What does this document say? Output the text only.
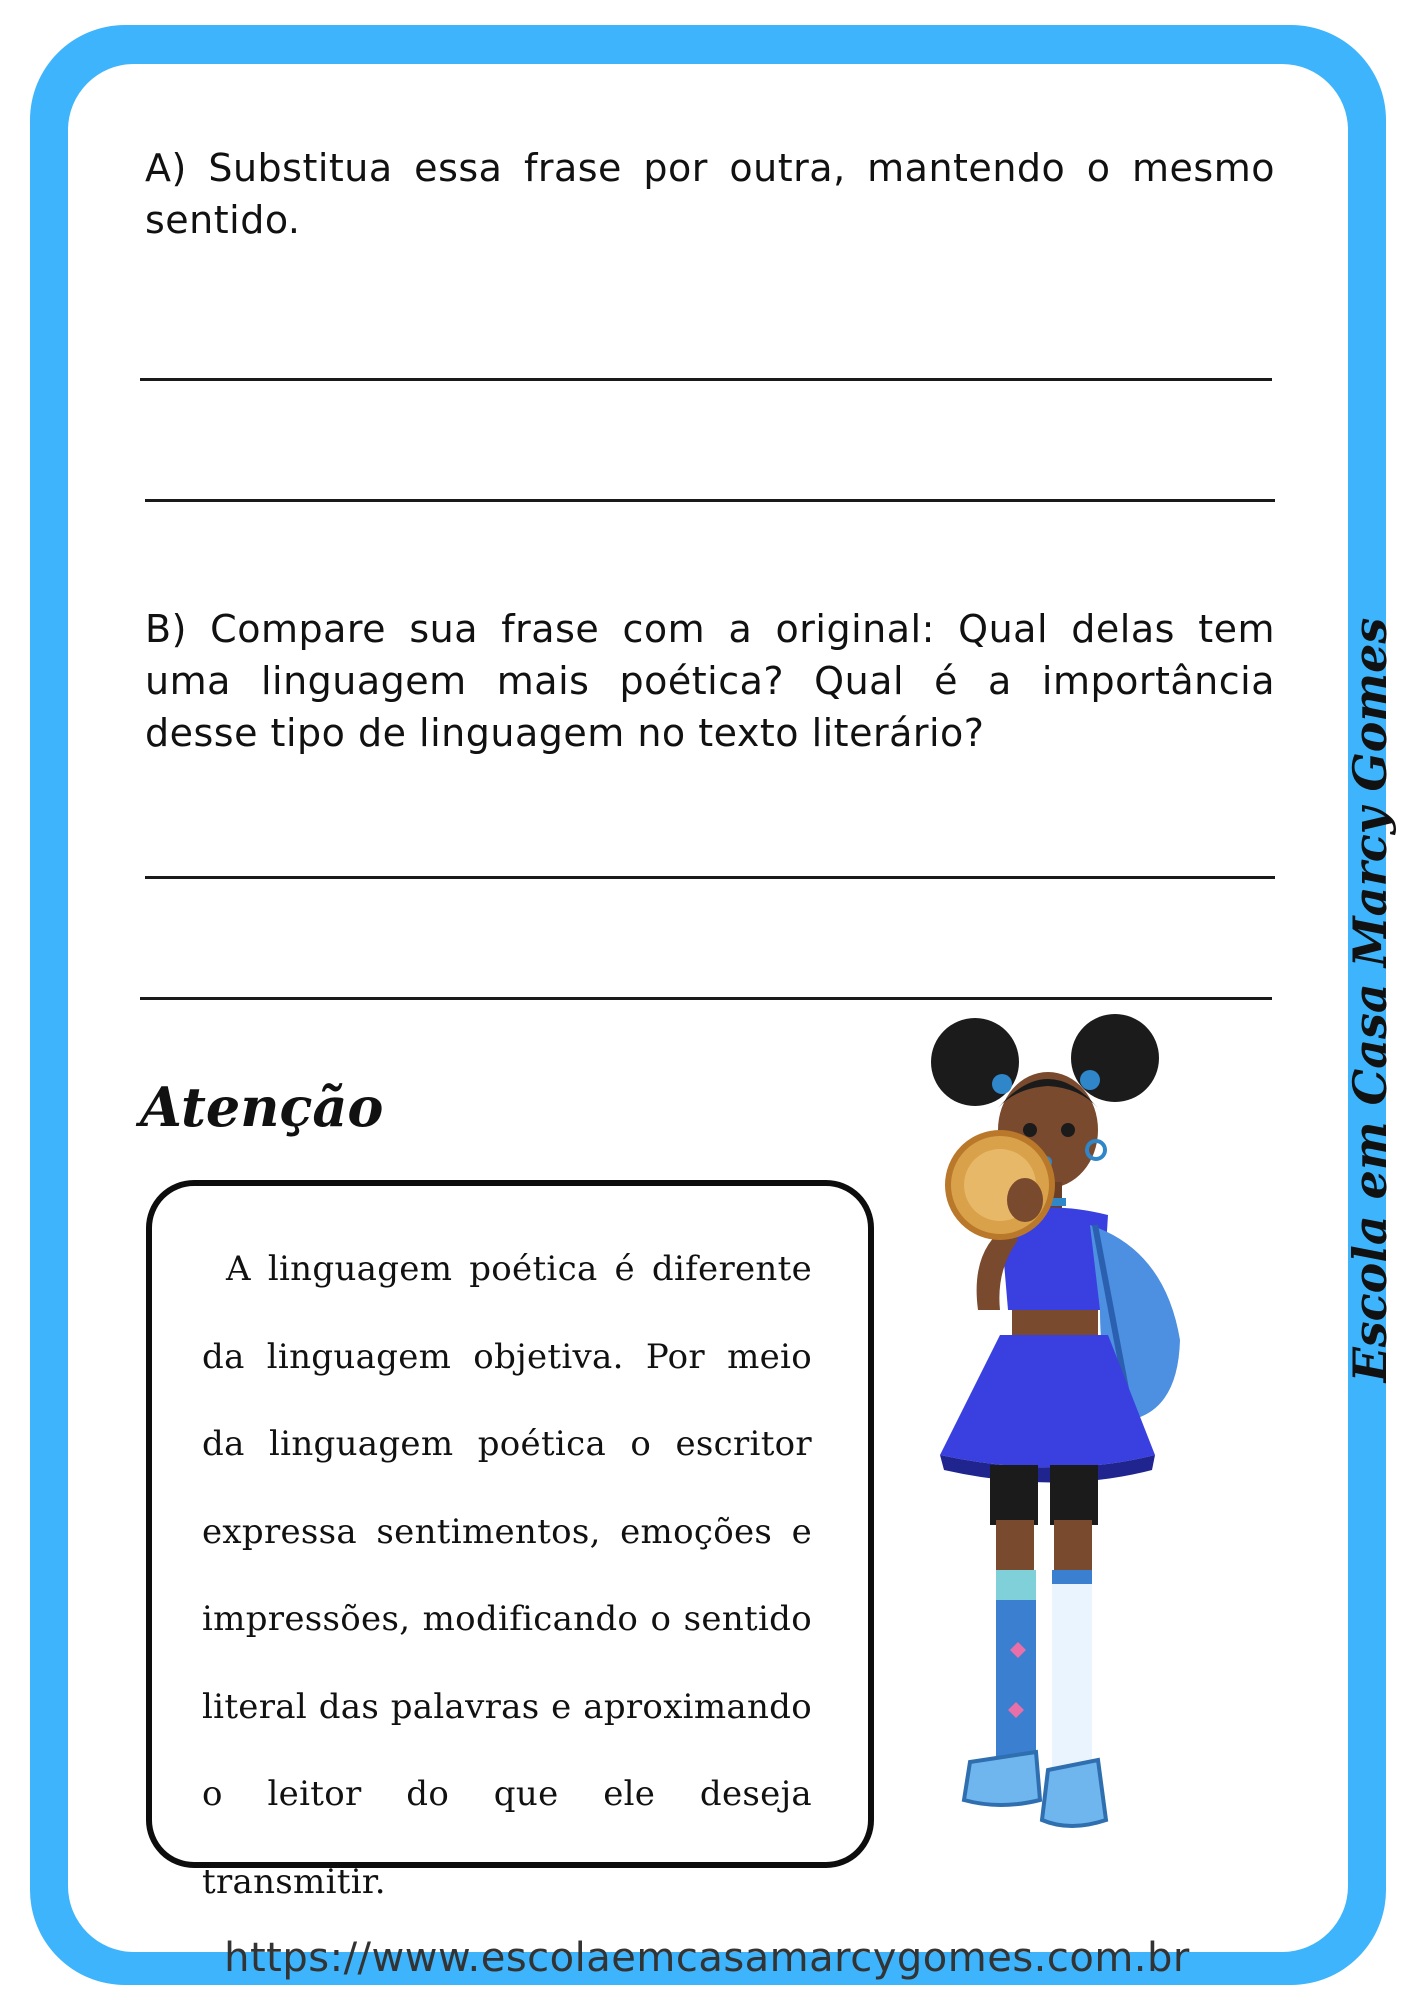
A) Substitua essa frase por outra, mantendo o mesmo sentido.
B) Compare sua frase com a original: Qual delas tem uma linguagem mais poética? Qual é a importância desse tipo de linguagem no texto literário?
Atenção
A linguagem poética é diferente da linguagem objetiva. Por meio da linguagem poética o escritor expressa sentimentos, emoções e impressões, modificando o sentido literal das palavras e aproximando o leitor do que ele deseja transmitir.
Escola em Casa Marcy Gomes
https://www.escolaemcasamarcygomes.com.br
